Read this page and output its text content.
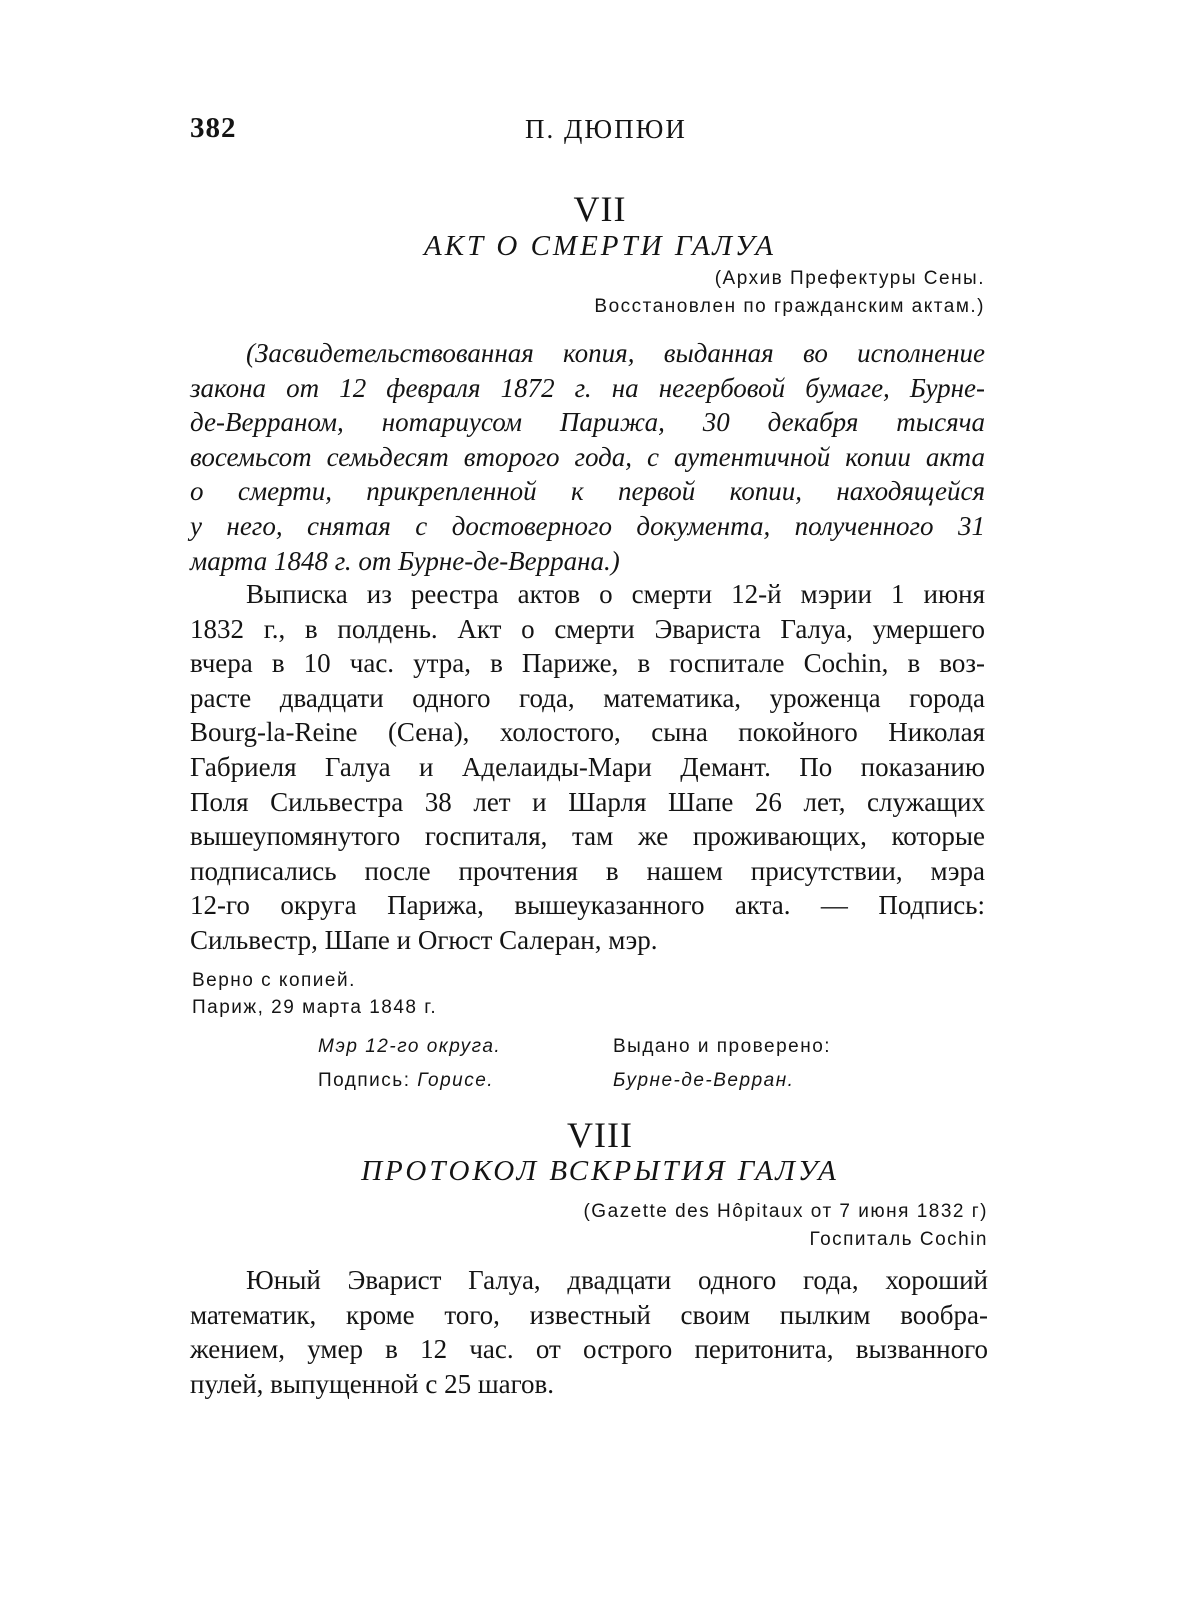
382	П. ДЮПЮИ
VII
АКТ О СМЕРТИ ГАЛУА
(Архив Префектуры Сены.
Восстановлен по гражданским актам.)
(Засвидетельствованная копия, выданная во исполнение
закона от 12 февраля 1872 г. на негербовой бумаге, Бурне-
де-Верраном, нотариусом Парижа, 30 декабря тысяча
восемьсот семьдесят второго года, с аутентичной копии акта
о смерти, прикрепленной к первой копии, находящейся
у него, снятая с достоверного документа, полученного 31
марта 1848 г. от Бурне-де-Веррана.)
Выписка из реестра актов о смерти 12-й мэрии 1 июня
1832 г., в полдень. Акт о смерти Эвариста Галуа, умершего
вчера в 10 час. утра, в Париже, в госпитале Cochin, в воз-
расте двадцати одного года, математика, уроженца города
Bourg-la-Reine (Сена), холостого, сына покойного Николая
Габриеля Галуа и Аделаиды-Мари Демант. По показанию
Поля Сильвестра 38 лет и Шарля Шапе 26 лет, служащих
вышеупомянутого госпиталя, там же проживающих, которые
подписались после прочтения в нашем присутствии, мэра
12-го округа Парижа, вышеуказанного акта. — Подпись:
Сильвестр, Шапе и Огюст Салеран, мэр.
Верно с копией.
Париж, 29 марта 1848 г.
Мэр 12-го округа.	Выдано и проверено:
Подпись: Горисе.	Бурне-де-Верран.
VIII
ПРОТОКОЛ ВСКРЫТИЯ ГАЛУА
(Gazette des Hôpitaux от 7 июня 1832 г)
Госпиталь Cochin
Юный Эварист Галуа, двадцати одного года, хороший
математик, кроме того, известный своим пылким вообра-
жением, умер в 12 час. от острого перитонита, вызванного
пулей, выпущенной с 25 шагов.
